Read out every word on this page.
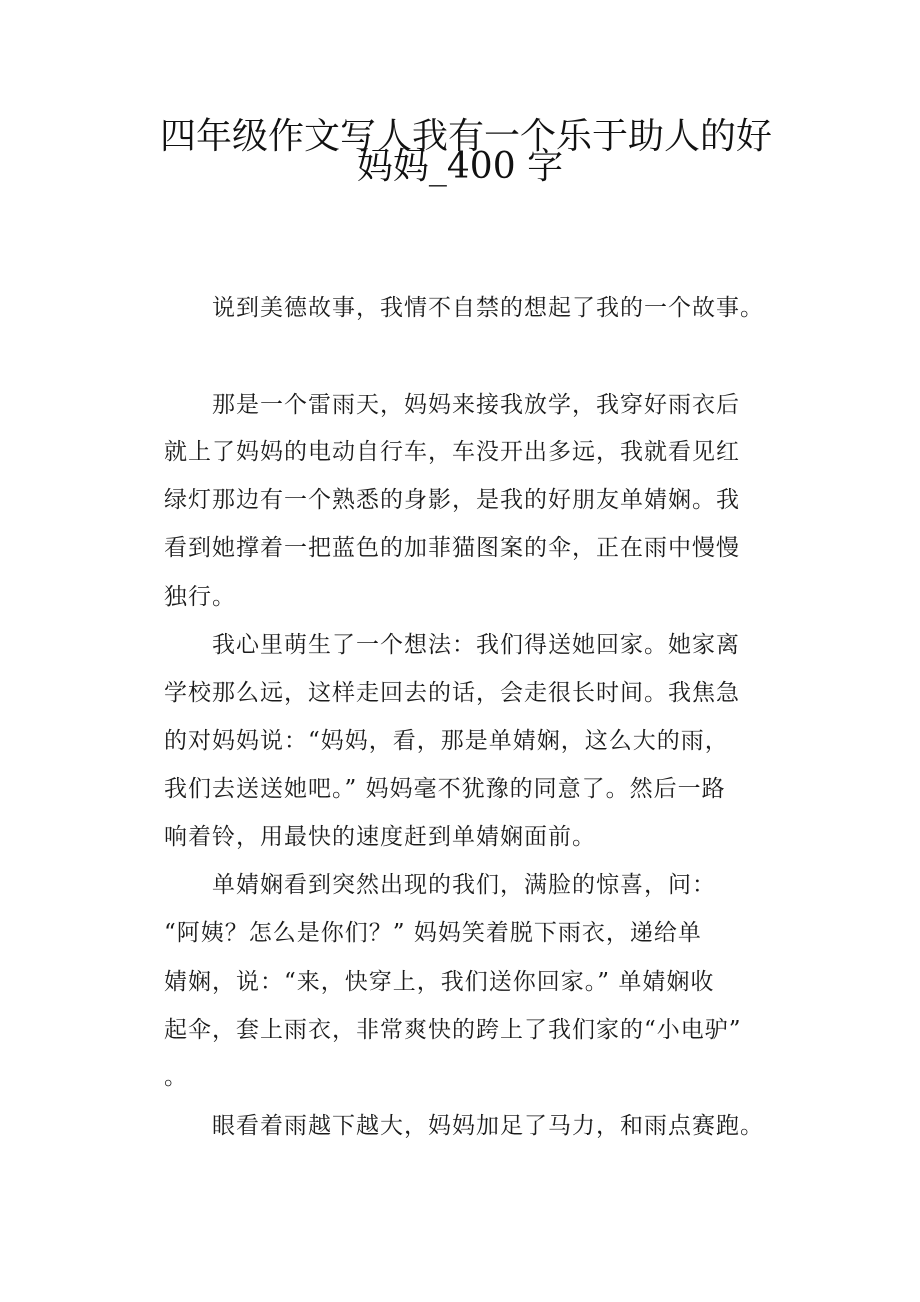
四年级作文写人我有一个乐于助人的好
妈妈_400 字
说到美德故事，我情不自禁的想起了我的一个故事。
那是一个雷雨天，妈妈来接我放学，我穿好雨衣后
就上了妈妈的电动自行车，车没开出多远，我就看见红
绿灯那边有一个熟悉的身影，是我的好朋友单婧娴。我
看到她撑着一把蓝色的加菲猫图案的伞，正在雨中慢慢
独行。
我心里萌生了一个想法：我们得送她回家。她家离
学校那么远，这样走回去的话，会走很长时间。我焦急
的对妈妈说：“妈妈，看，那是单婧娴，这么大的雨，
我们去送送她吧。” 妈妈毫不犹豫的同意了。然后一路
响着铃，用最快的速度赶到单婧娴面前。
单婧娴看到突然出现的我们，满脸的惊喜，问：
“阿姨？怎么是你们？” 妈妈笑着脱下雨衣，递给单
婧娴，说：“来，快穿上，我们送你回家。” 单婧娴收
起伞，套上雨衣，非常爽快的跨上了我们家的“小电驴”
。
眼看着雨越下越大，妈妈加足了马力，和雨点赛跑。
